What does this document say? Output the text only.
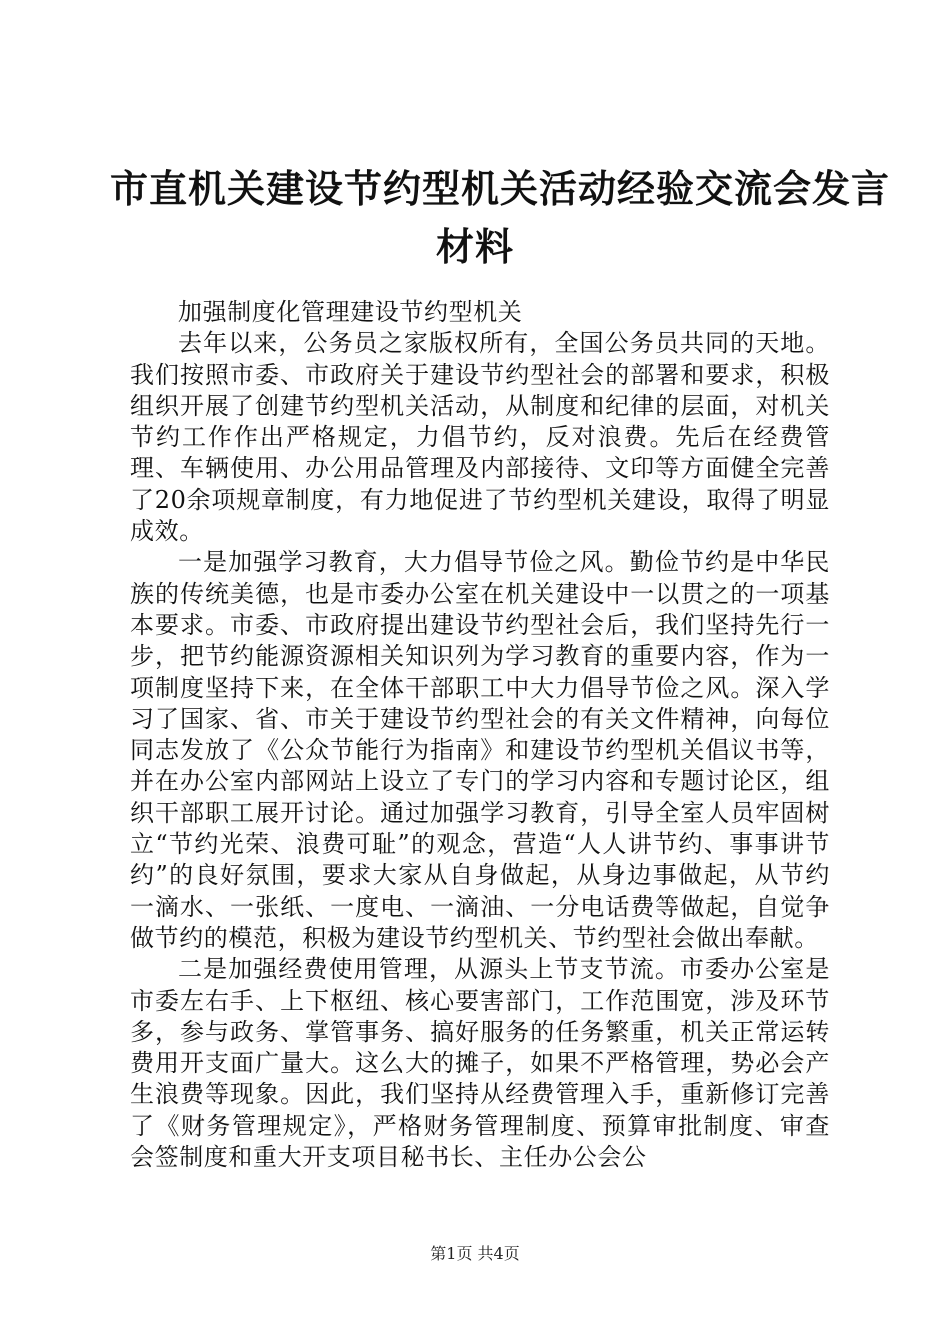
市直机关建设节约型机关活动经验交流会发言
材料

加强制度化管理建设节约型机关

去年以来，公务员之家版权所有，全国公务员共同的天地。我们按照市委、市政府关于建设节约型社会的部署和要求，积极组织开展了创建节约型机关活动，从制度和纪律的层面，对机关节约工作作出严格规定，力倡节约，反对浪费。先后在经费管理、车辆使用、办公用品管理及内部接待、文印等方面健全完善了20余项规章制度，有力地促进了节约型机关建设，取得了明显成效。

一是加强学习教育，大力倡导节俭之风。勤俭节约是中华民族的传统美德，也是市委办公室在机关建设中一以贯之的一项基本要求。市委、市政府提出建设节约型社会后，我们坚持先行一步，把节约能源资源相关知识列为学习教育的重要内容，作为一项制度坚持下来，在全体干部职工中大力倡导节俭之风。深入学习了国家、省、市关于建设节约型社会的有关文件精神，向每位同志发放了《公众节能行为指南》和建设节约型机关倡议书等，并在办公室内部网站上设立了专门的学习内容和专题讨论区，组织干部职工展开讨论。通过加强学习教育，引导全室人员牢固树立“节约光荣、浪费可耻”的观念，营造“人人讲节约、事事讲节约”的良好氛围，要求大家从自身做起，从身边事做起，从节约一滴水、一张纸、一度电、一滴油、一分电话费等做起，自觉争做节约的模范，积极为建设节约型机关、节约型社会做出奉献。

二是加强经费使用管理，从源头上节支节流。市委办公室是市委左右手、上下枢纽、核心要害部门，工作范围宽，涉及环节多，参与政务、掌管事务、搞好服务的任务繁重，机关正常运转费用开支面广量大。这么大的摊子，如果不严格管理，势必会产生浪费等现象。因此，我们坚持从经费管理入手，重新修订完善了《财务管理规定》，严格财务管理制度、预算审批制度、审查会签制度和重大开支项目秘书长、主任办公会公

第1页 共4页
